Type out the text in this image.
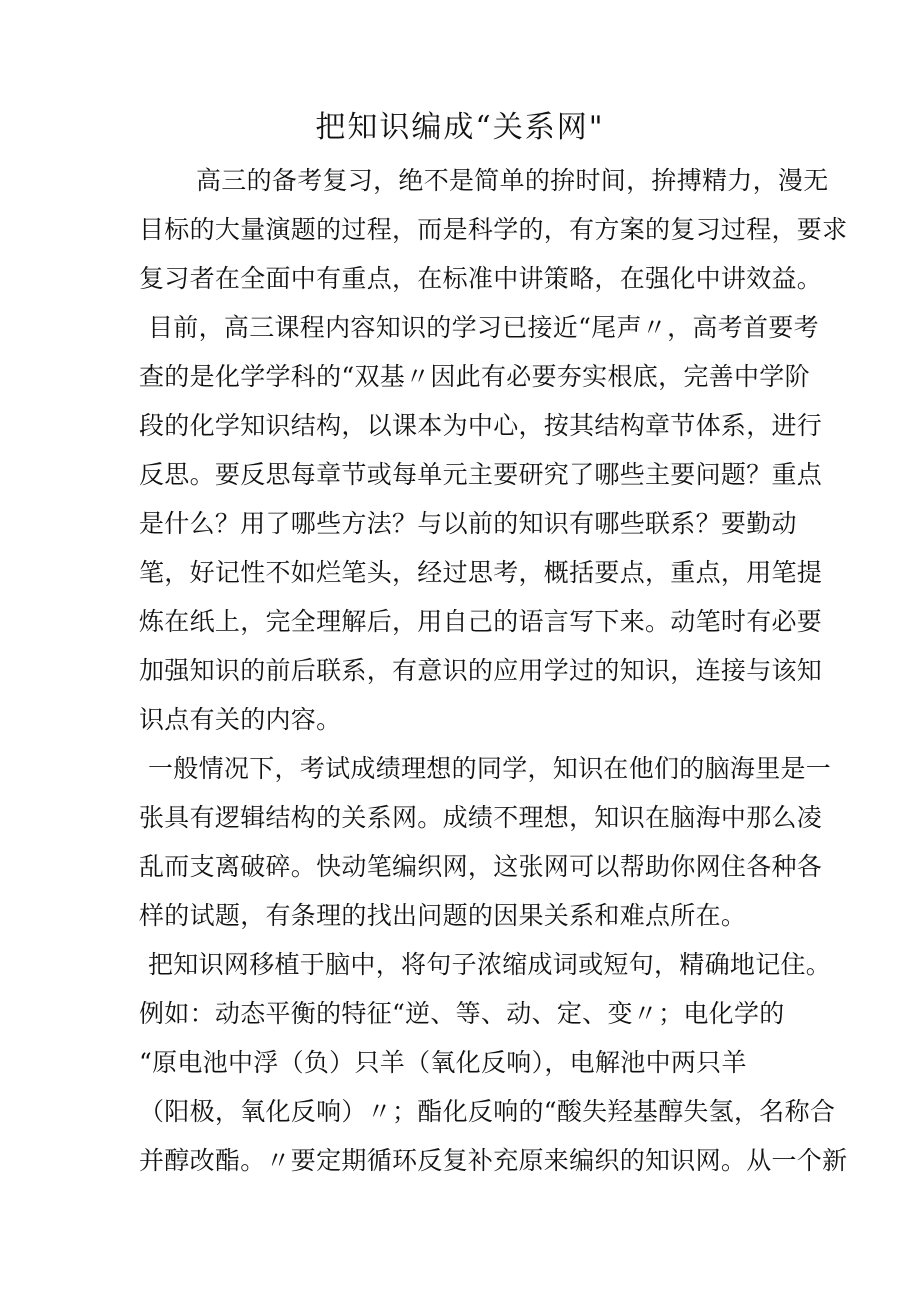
把知识编成“关系网"
高三的备考复习，绝不是简单的拚时间，拚搏精力，漫无
目标的大量演题的过程，而是科学的，有方案的复习过程，要求
复习者在全面中有重点，在标准中讲策略，在强化中讲效益。
目前，高三课程内容知识的学习已接近“尾声〃，高考首要考
查的是化学学科的“双基〃因此有必要夯实根底，完善中学阶
段的化学知识结构，以课本为中心，按其结构章节体系，进行
反思。要反思每章节或每单元主要研究了哪些主要问题？重点
是什么？用了哪些方法？与以前的知识有哪些联系？要勤动
笔，好记性不如烂笔头，经过思考，概括要点，重点，用笔提
炼在纸上，完全理解后，用自己的语言写下来。动笔时有必要
加强知识的前后联系，有意识的应用学过的知识，连接与该知
识点有关的内容。
一般情况下，考试成绩理想的同学，知识在他们的脑海里是一
张具有逻辑结构的关系网。成绩不理想，知识在脑海中那么凌
乱而支离破碎。快动笔编织网，这张网可以帮助你网住各种各
样的试题，有条理的找出问题的因果关系和难点所在。
把知识网移植于脑中，将句子浓缩成词或短句，精确地记住。
例如：动态平衡的特征“逆、等、动、定、变〃；电化学的
“原电池中浮（负）只羊（氧化反响），电解池中两只羊
（阳极，氧化反响）〃；酯化反响的“酸失羟基醇失氢，名称合
并醇改酯。〃要定期循环反复补充原来编织的知识网。从一个新
